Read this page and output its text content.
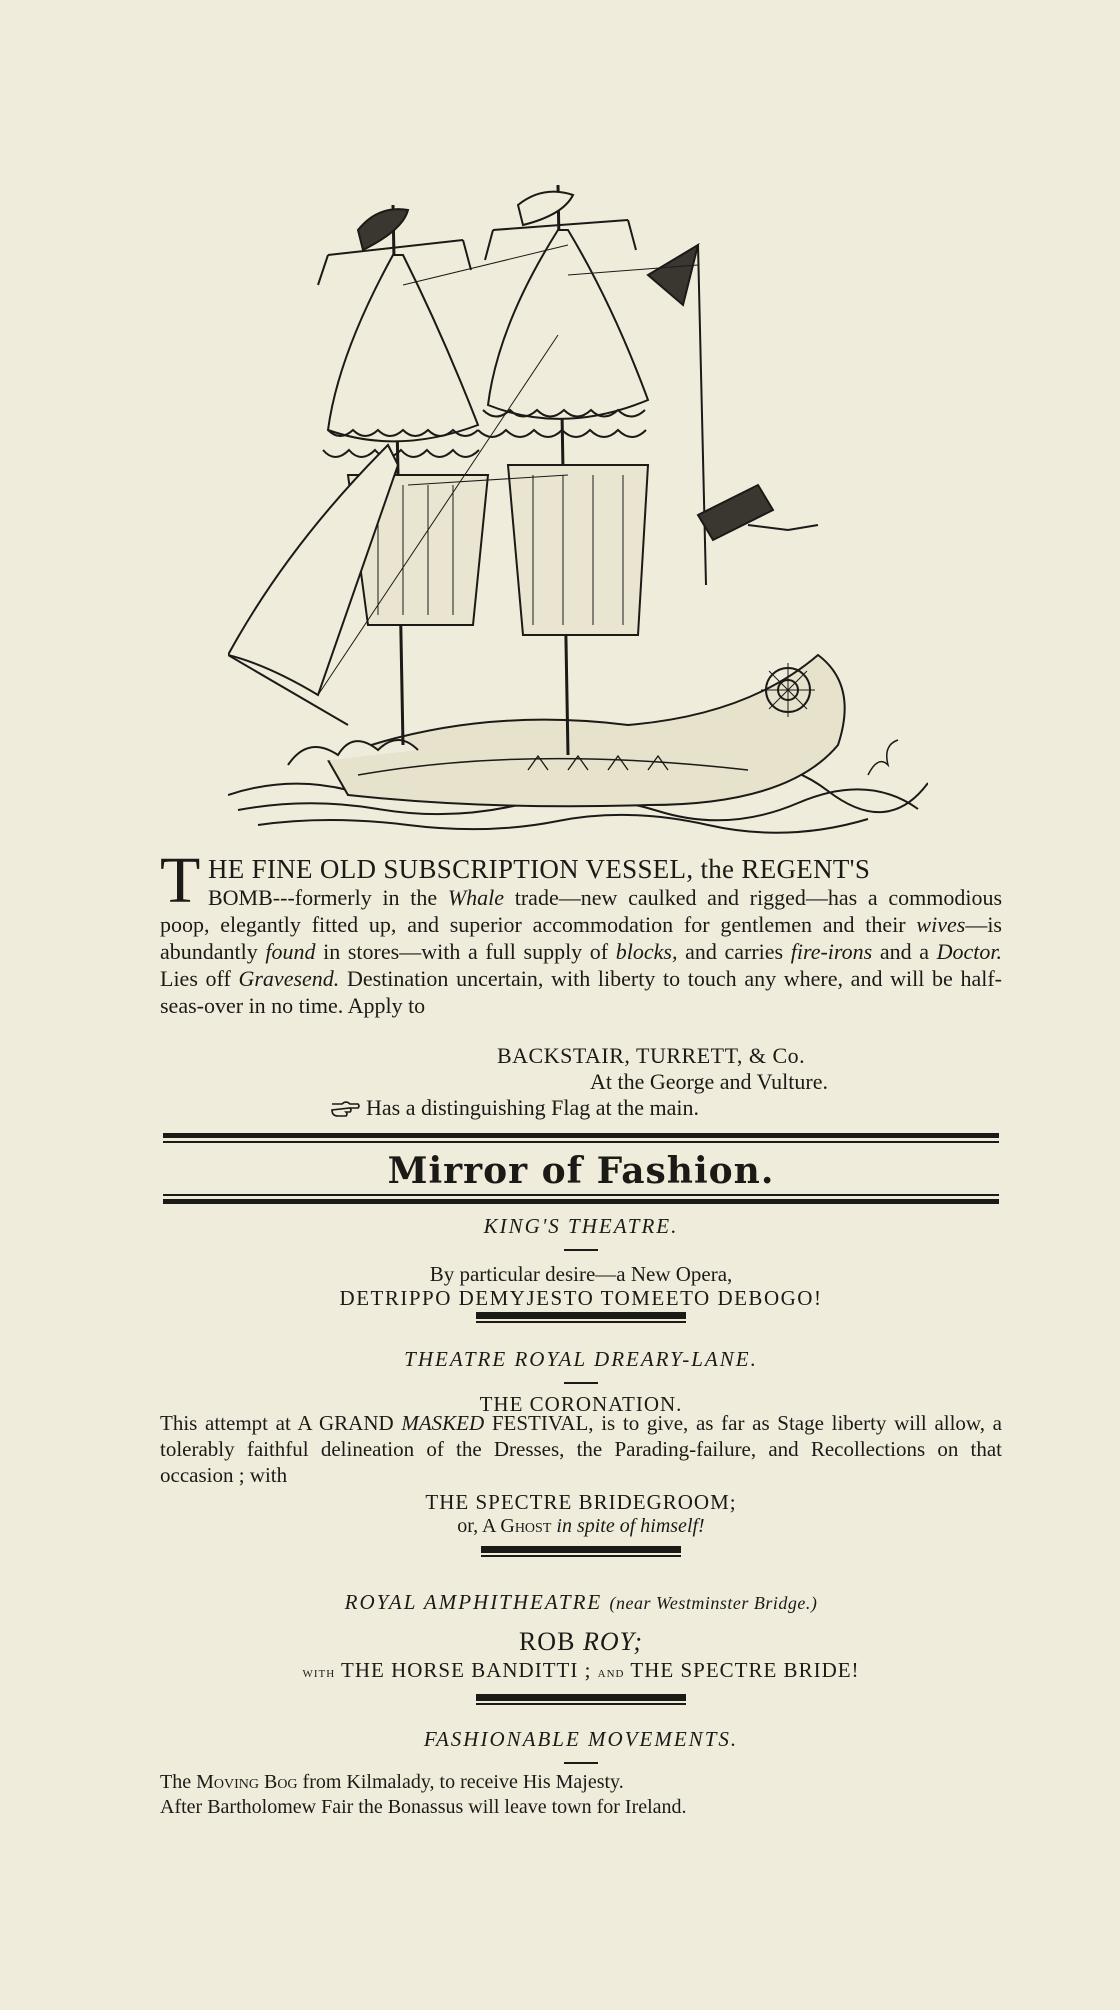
T HE FINE OLD SUBSCRIPTION VESSEL, the REGENT'S

BOMB---formerly in the Whale trade—new caulked and rigged—has a commodious poop, elegantly fitted up, and superior accommodation for gentlemen and their wives—is abundantly found in stores—with a full supply of blocks, and carries fire-irons and a Doctor. Lies off Gravesend. Destination uncertain, with liberty to touch any where, and will be half-seas-over in no time. Apply to

BACKSTAIR, TURRETT, & Co.
At the George and Vulture.
Has a distinguishing Flag at the main.
Mirror of Fashion.
KING'S THEATRE.
By particular desire—a New Opera,
DETRIPPO DEMYJESTO TOMEETO DEBOGO!
THEATRE ROYAL DREARY-LANE.
THE CORONATION.

This attempt at A GRAND MASKED FESTIVAL, is to give, as far as Stage liberty will allow, a tolerably faithful delineation of the Dresses, the Parading-failure, and Recollections on that occasion ; with

THE SPECTRE BRIDEGROOM;
or, A Ghost in spite of himself!
ROYAL AMPHITHEATRE (near Westminster Bridge.)
ROB ROY;
with THE HORSE BANDITTI ; and THE SPECTRE BRIDE!
FASHIONABLE MOVEMENTS.
The Moving Bog from Kilmalady, to receive His Majesty.
After Bartholomew Fair the Bonassus will leave town for Ireland.
